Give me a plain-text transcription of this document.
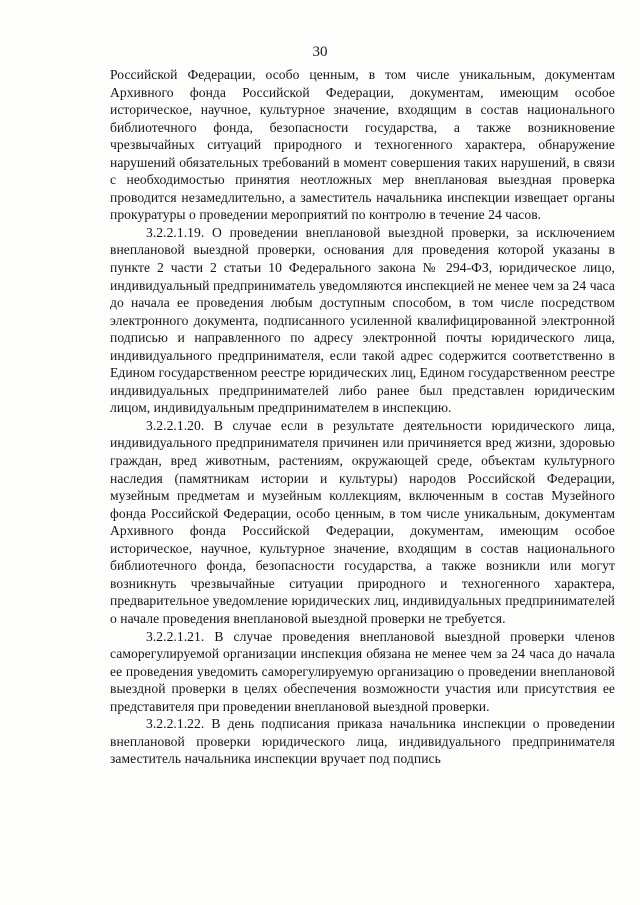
30

Российской Федерации, особо ценным, в том числе уникальным, документам Архивного фонда Российской Федерации, документам, имеющим особое историческое, научное, культурное значение, входящим в состав национального библиотечного фонда, безопасности государства, а также возникновение чрезвычайных ситуаций природного и техногенного характера, обнаружение нарушений обязательных требований в момент совершения таких нарушений, в связи с необходимостью принятия неотложных мер внеплановая выездная проверка проводится незамедлительно, а заместитель начальника инспекции извещает органы прокуратуры о проведении мероприятий по контролю в течение 24 часов.

3.2.2.1.19. О проведении внеплановой выездной проверки, за исключением внеплановой выездной проверки, основания для проведения которой указаны в пункте 2 части 2 статьи 10 Федерального закона № 294-ФЗ, юридическое лицо, индивидуальный предприниматель уведомляются инспекцией не менее чем за 24 часа до начала ее проведения любым доступным способом, в том числе посредством электронного документа, подписанного усиленной квалифицированной электронной подписью и направленного по адресу электронной почты юридического лица, индивидуального предпринимателя, если такой адрес содержится соответственно в Едином государственном реестре юридических лиц, Едином государственном реестре индивидуальных предпринимателей либо ранее был представлен юридическим лицом, индивидуальным предпринимателем в инспекцию.

3.2.2.1.20. В случае если в результате деятельности юридического лица, индивидуального предпринимателя причинен или причиняется вред жизни, здоровью граждан, вред животным, растениям, окружающей среде, объектам культурного наследия (памятникам истории и культуры) народов Российской Федерации, музейным предметам и музейным коллекциям, включенным в состав Музейного фонда Российской Федерации, особо ценным, в том числе уникальным, документам Архивного фонда Российской Федерации, документам, имеющим особое историческое, научное, культурное значение, входящим в состав национального библиотечного фонда, безопасности государства, а также возникли или могут возникнуть чрезвычайные ситуации природного и техногенного характера, предварительное уведомление юридических лиц, индивидуальных предпринимателей о начале проведения внеплановой выездной проверки не требуется.

3.2.2.1.21. В случае проведения внеплановой выездной проверки членов саморегулируемой организации инспекция обязана не менее чем за 24 часа до начала ее проведения уведомить саморегулируемую организацию о проведении внеплановой выездной проверки в целях обеспечения возможности участия или присутствия ее представителя при проведении внеплановой выездной проверки.

3.2.2.1.22. В день подписания приказа начальника инспекции о проведении внеплановой проверки юридического лица, индивидуального предпринимателя заместитель начальника инспекции вручает под подпись
